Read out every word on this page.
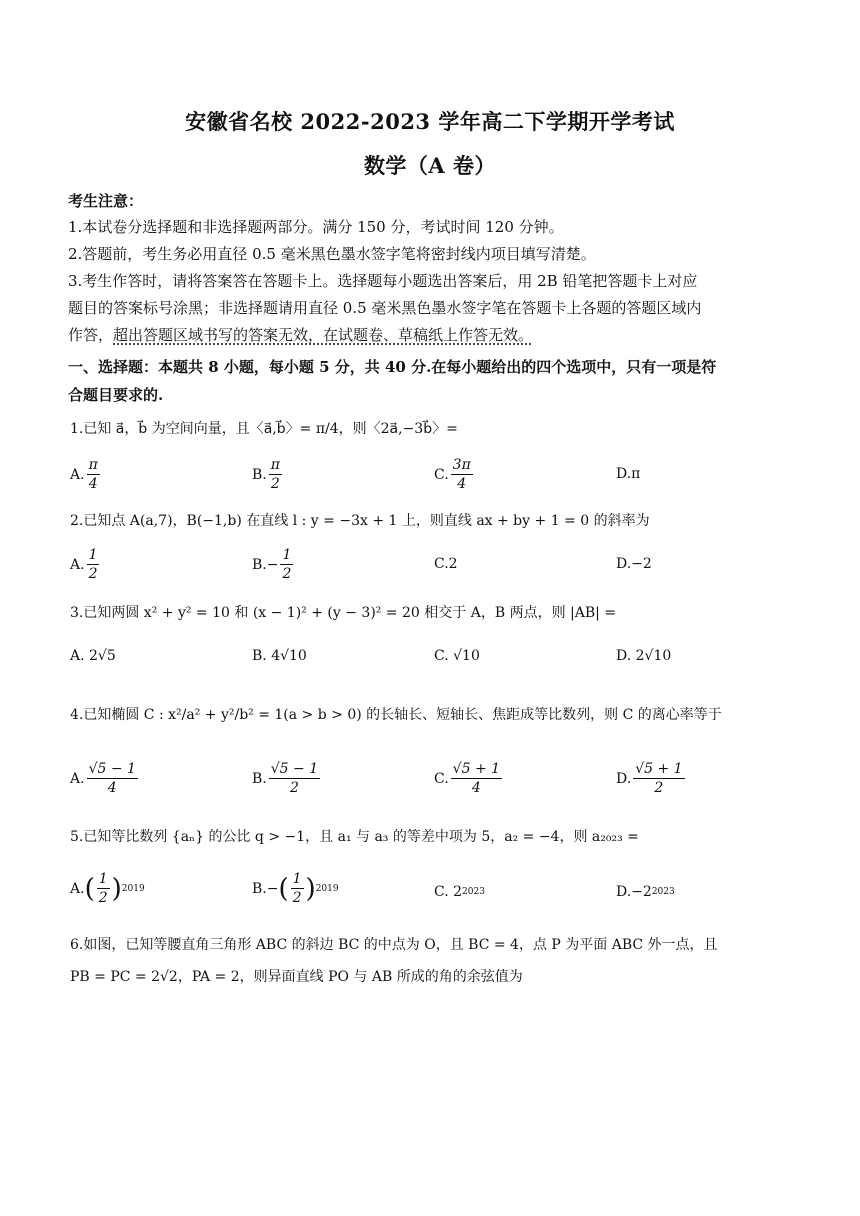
安徽省名校 2022-2023 学年高二下学期开学考试
数学（A 卷）
考生注意：
1.本试卷分选择题和非选择题两部分。满分 150 分，考试时间 120 分钟。
2.答题前，考生务必用直径 0.5 毫米黑色墨水签字笔将密封线内项目填写清楚。
3.考生作答时，请将答案答在答题卡上。选择题每小题选出答案后，用 2B 铅笔把答题卡上对应
题目的答案标号涂黑；非选择题请用直径 0.5 毫米黑色墨水签字笔在答题卡上各题的答题区域内
作答，超出答题区域书写的答案无效，在试题卷、草稿纸上作答无效。
一、选择题：本题共 8 小题，每小题 5 分，共 40 分.在每小题给出的四个选项中，只有一项是符
合题目要求的.
1.已知 a⃗，b⃗ 为空间向量，且〈a⃗,b⃗〉= π/4，则〈2a⃗,−3b⃗〉=
A. $\frac{\pi}{4}$	B. $\frac{\pi}{2}$	C. $\frac{3\pi}{4}$	D.π
2.已知点 A(a,7)，B(−1,b) 在直线 l : y = −3x + 1 上，则直线 ax + by + 1 = 0 的斜率为
A. $\frac{1}{2}$	$B.- \frac{1}{2}$	C.2	D.−2
3.已知两圆 x² + y² = 10 和 (x − 1)² + (y − 3)² = 20 相交于 A，B 两点，则 |AB| =
A. 2√5	B. 4√10	C. √10	D. 2√10
4.已知椭圆 C : x²/a² + y²/b² = 1(a > b > 0) 的长轴长、短轴长、焦距成等比数列，则 C 的离心率等于
A. $\frac{√5 - 1}{4}$	B. $\frac{√5 - 1}{2}$	C. $\frac{√5 + 1}{4}$	D. $\frac{√5 + 1}{2}$
5.已知等比数列 {aₙ} 的公比 q > −1，且 a₁ 与 a₃ 的等差中项为 5，a₂ = −4，则 a₂₀₂₃ =
A. ( $\frac{1}{2}$ ) 2019	B.− ( $\frac{1}{2}$ ) 2019	C. 2 2023	D.−2 2023
6.如图，已知等腰直角三角形 ABC 的斜边 BC 的中点为 O，且 BC = 4，点 P 为平面 ABC 外一点，且
PB = PC = 2√2，PA = 2，则异面直线 PO 与 AB 所成的角的余弦值为
